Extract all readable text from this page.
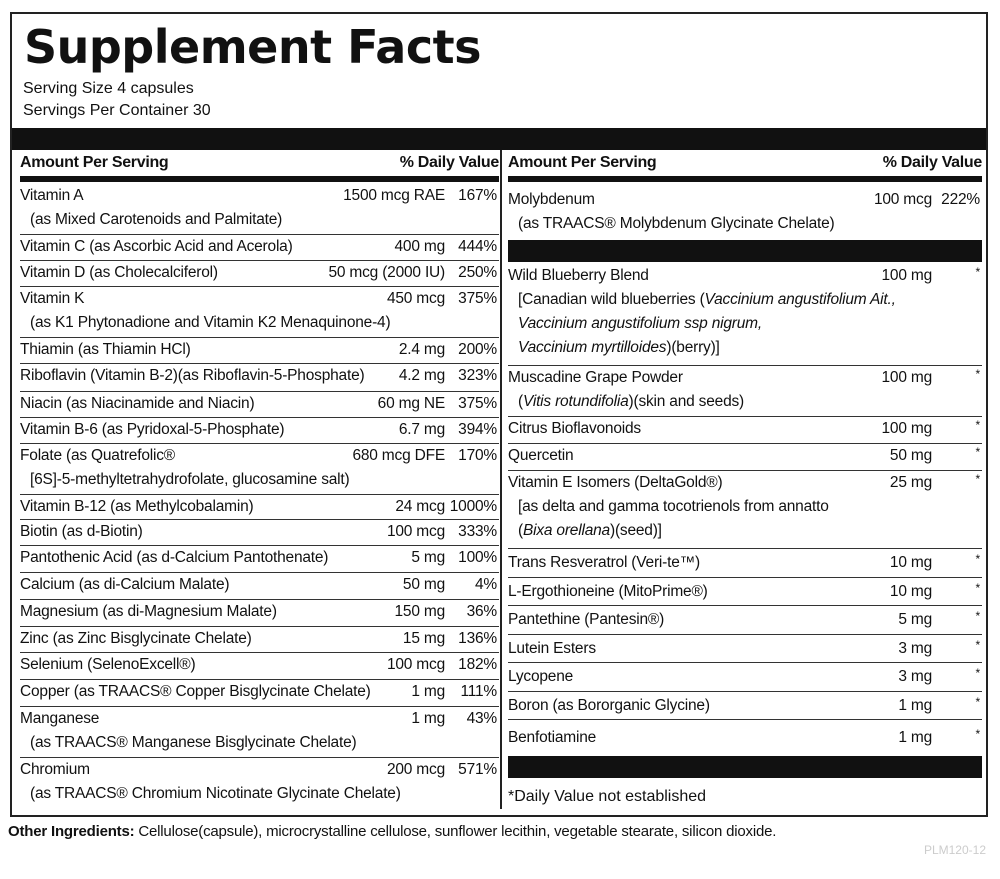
Supplement Facts
Serving Size 4 capsules
Servings Per Container 30
Amount Per Serving	% Daily Value
Vitamin A	1500 mcg RAE 167%
(as Mixed Carotenoids and Palmitate)
Vitamin C (as Ascorbic Acid and Acerola)	400 mg 444%
Vitamin D (as Cholecalciferol)	50 mcg (2000 IU) 250%
Vitamin K	450 mcg 375%
(as K1 Phytonadione and Vitamin K2 Menaquinone-4)
Thiamin (as Thiamin HCl)	2.4 mg 200%
Riboflavin (Vitamin B-2)(as Riboflavin-5-Phosphate) 4.2 mg 323%
Niacin (as Niacinamide and Niacin)	60 mg NE 375%
Vitamin B-6 (as Pyridoxal-5-Phosphate)	6.7 mg 394%
Folate (as Quatrefolic®	680 mcg DFE 170%
[6S]-5-methyltetrahydrofolate, glucosamine salt)
Vitamin B-12 (as Methylcobalamin)	24 mcg 1000%
Biotin (as d-Biotin)	100 mcg 333%
Pantothenic Acid (as d-Calcium Pantothenate)	5 mg 100%
Calcium (as di-Calcium Malate)	50 mg 4%
Magnesium (as di-Magnesium Malate)	150 mg 36%
Zinc (as Zinc Bisglycinate Chelate)	15 mg 136%
Selenium (SelenoExcell®)	100 mcg 182%
Copper (as TRAACS® Copper Bisglycinate Chelate)	1 mg 111%
Manganese	1 mg 43%
(as TRAACS® Manganese Bisglycinate Chelate)
Chromium	200 mcg 571%
(as TRAACS® Chromium Nicotinate Glycinate Chelate)
Amount Per Serving	% Daily Value
Molybdenum	100 mcg 222%
(as TRAACS® Molybdenum Glycinate Chelate)
Wild Blueberry Blend	100 mg	*
[Canadian wild blueberries (Vaccinium angustifolium Ait.,
Vaccinium angustifolium ssp nigrum,
Vaccinium myrtilloides)(berry)]
Muscadine Grape Powder	100 mg	*
(Vitis rotundifolia)(skin and seeds)
Citrus Bioflavonoids	100 mg	*
Quercetin	50 mg	*
Vitamin E Isomers (DeltaGold®)	25 mg	*
[as delta and gamma tocotrienols from annatto
(Bixa orellana)(seed)]
Trans Resveratrol (Veri-te™)	10 mg	*
L-Ergothioneine (MitoPrime®)	10 mg	*
Pantethine (Pantesin®)	5 mg	*
Lutein Esters	3 mg	*
Lycopene	3 mg	*
Boron (as Bororganic Glycine)	1 mg	*
Benfotiamine	1 mg	*
*Daily Value not established
Other Ingredients: Cellulose(capsule), microcrystalline cellulose, sunflower lecithin, vegetable stearate, silicon dioxide.
PLM120-12
